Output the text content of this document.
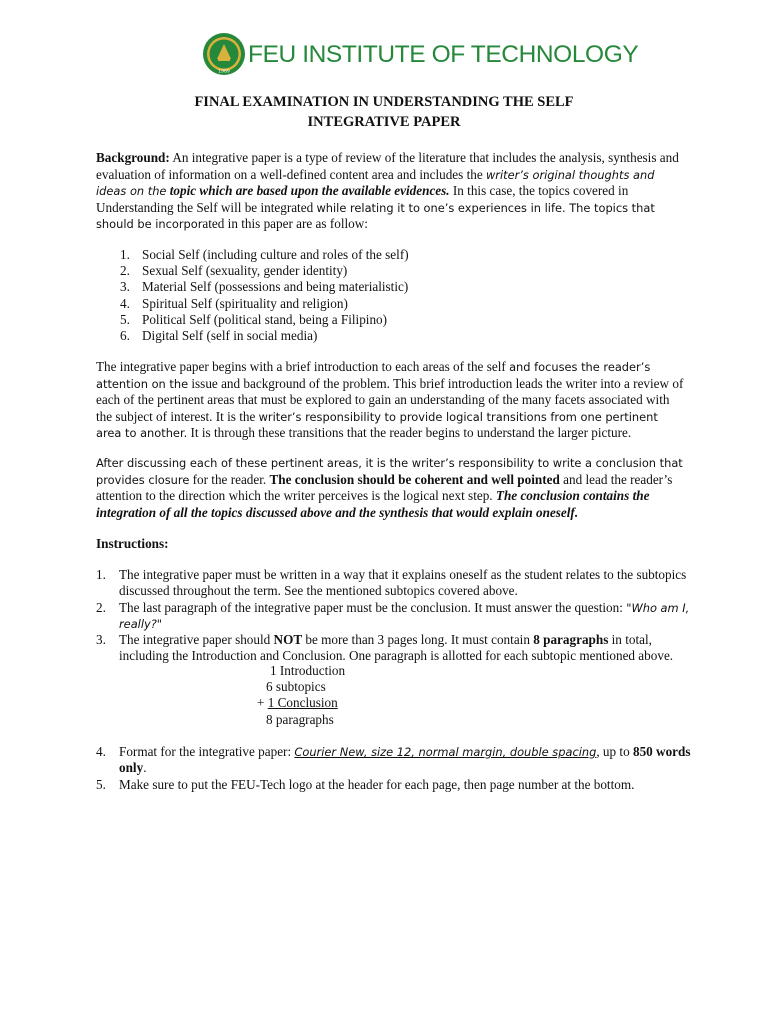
1989
FEU INSTITUTE OF TECHNOLOGY
FINAL EXAMINATION IN UNDERSTANDING THE SELF
INTEGRATIVE PAPER
Background: An integrative paper is a type of review of the literature that includes the analysis, synthesis and evaluation of information on a well-defined content area and includes the writer’s original thoughts and ideas on the topic which are based upon the available evidences. In this case, the topics covered in Understanding the Self will be integrated while relating it to one’s experiences in life. The topics that should be incorporated in this paper are as follow:
1. Social Self (including culture and roles of the self)
2. Sexual Self (sexuality, gender identity)
3. Material Self (possessions and being materialistic)
4. Spiritual Self (spirituality and religion)
5. Political Self (political stand, being a Filipino)
6. Digital Self (self in social media)
The integrative paper begins with a brief introduction to each areas of the self and focuses the reader’s attention on the issue and background of the problem. This brief introduction leads the writer into a review of each of the pertinent areas that must be explored to gain an understanding of the many facets associated with the subject of interest. It is the writer’s responsibility to provide logical transitions from one pertinent area to another. It is through these transitions that the reader begins to understand the larger picture.
After discussing each of these pertinent areas, it is the writer’s responsibility to write a conclusion that provides closure for the reader. The conclusion should be coherent and well pointed and lead the reader’s attention to the direction which the writer perceives is the logical next step. The conclusion contains the integration of all the topics discussed above and the synthesis that would explain oneself.
Instructions:
1. The integrative paper must be written in a way that it explains oneself as the student relates to the subtopics discussed throughout the term. See the mentioned subtopics covered above.
2. The last paragraph of the integrative paper must be the conclusion. It must answer the question: "Who am I, really?"
3. The integrative paper should NOT be more than 3 pages long. It must contain 8 paragraphs in total, including the Introduction and Conclusion. One paragraph is allotted for each subtopic mentioned above.
1 Introduction
6 subtopics
+ 1 Conclusion
8 paragraphs
4. Format for the integrative paper: Courier New, size 12, normal margin, double spacing, up to 850 words only.
5. Make sure to put the FEU-Tech logo at the header for each page, then page number at the bottom.
